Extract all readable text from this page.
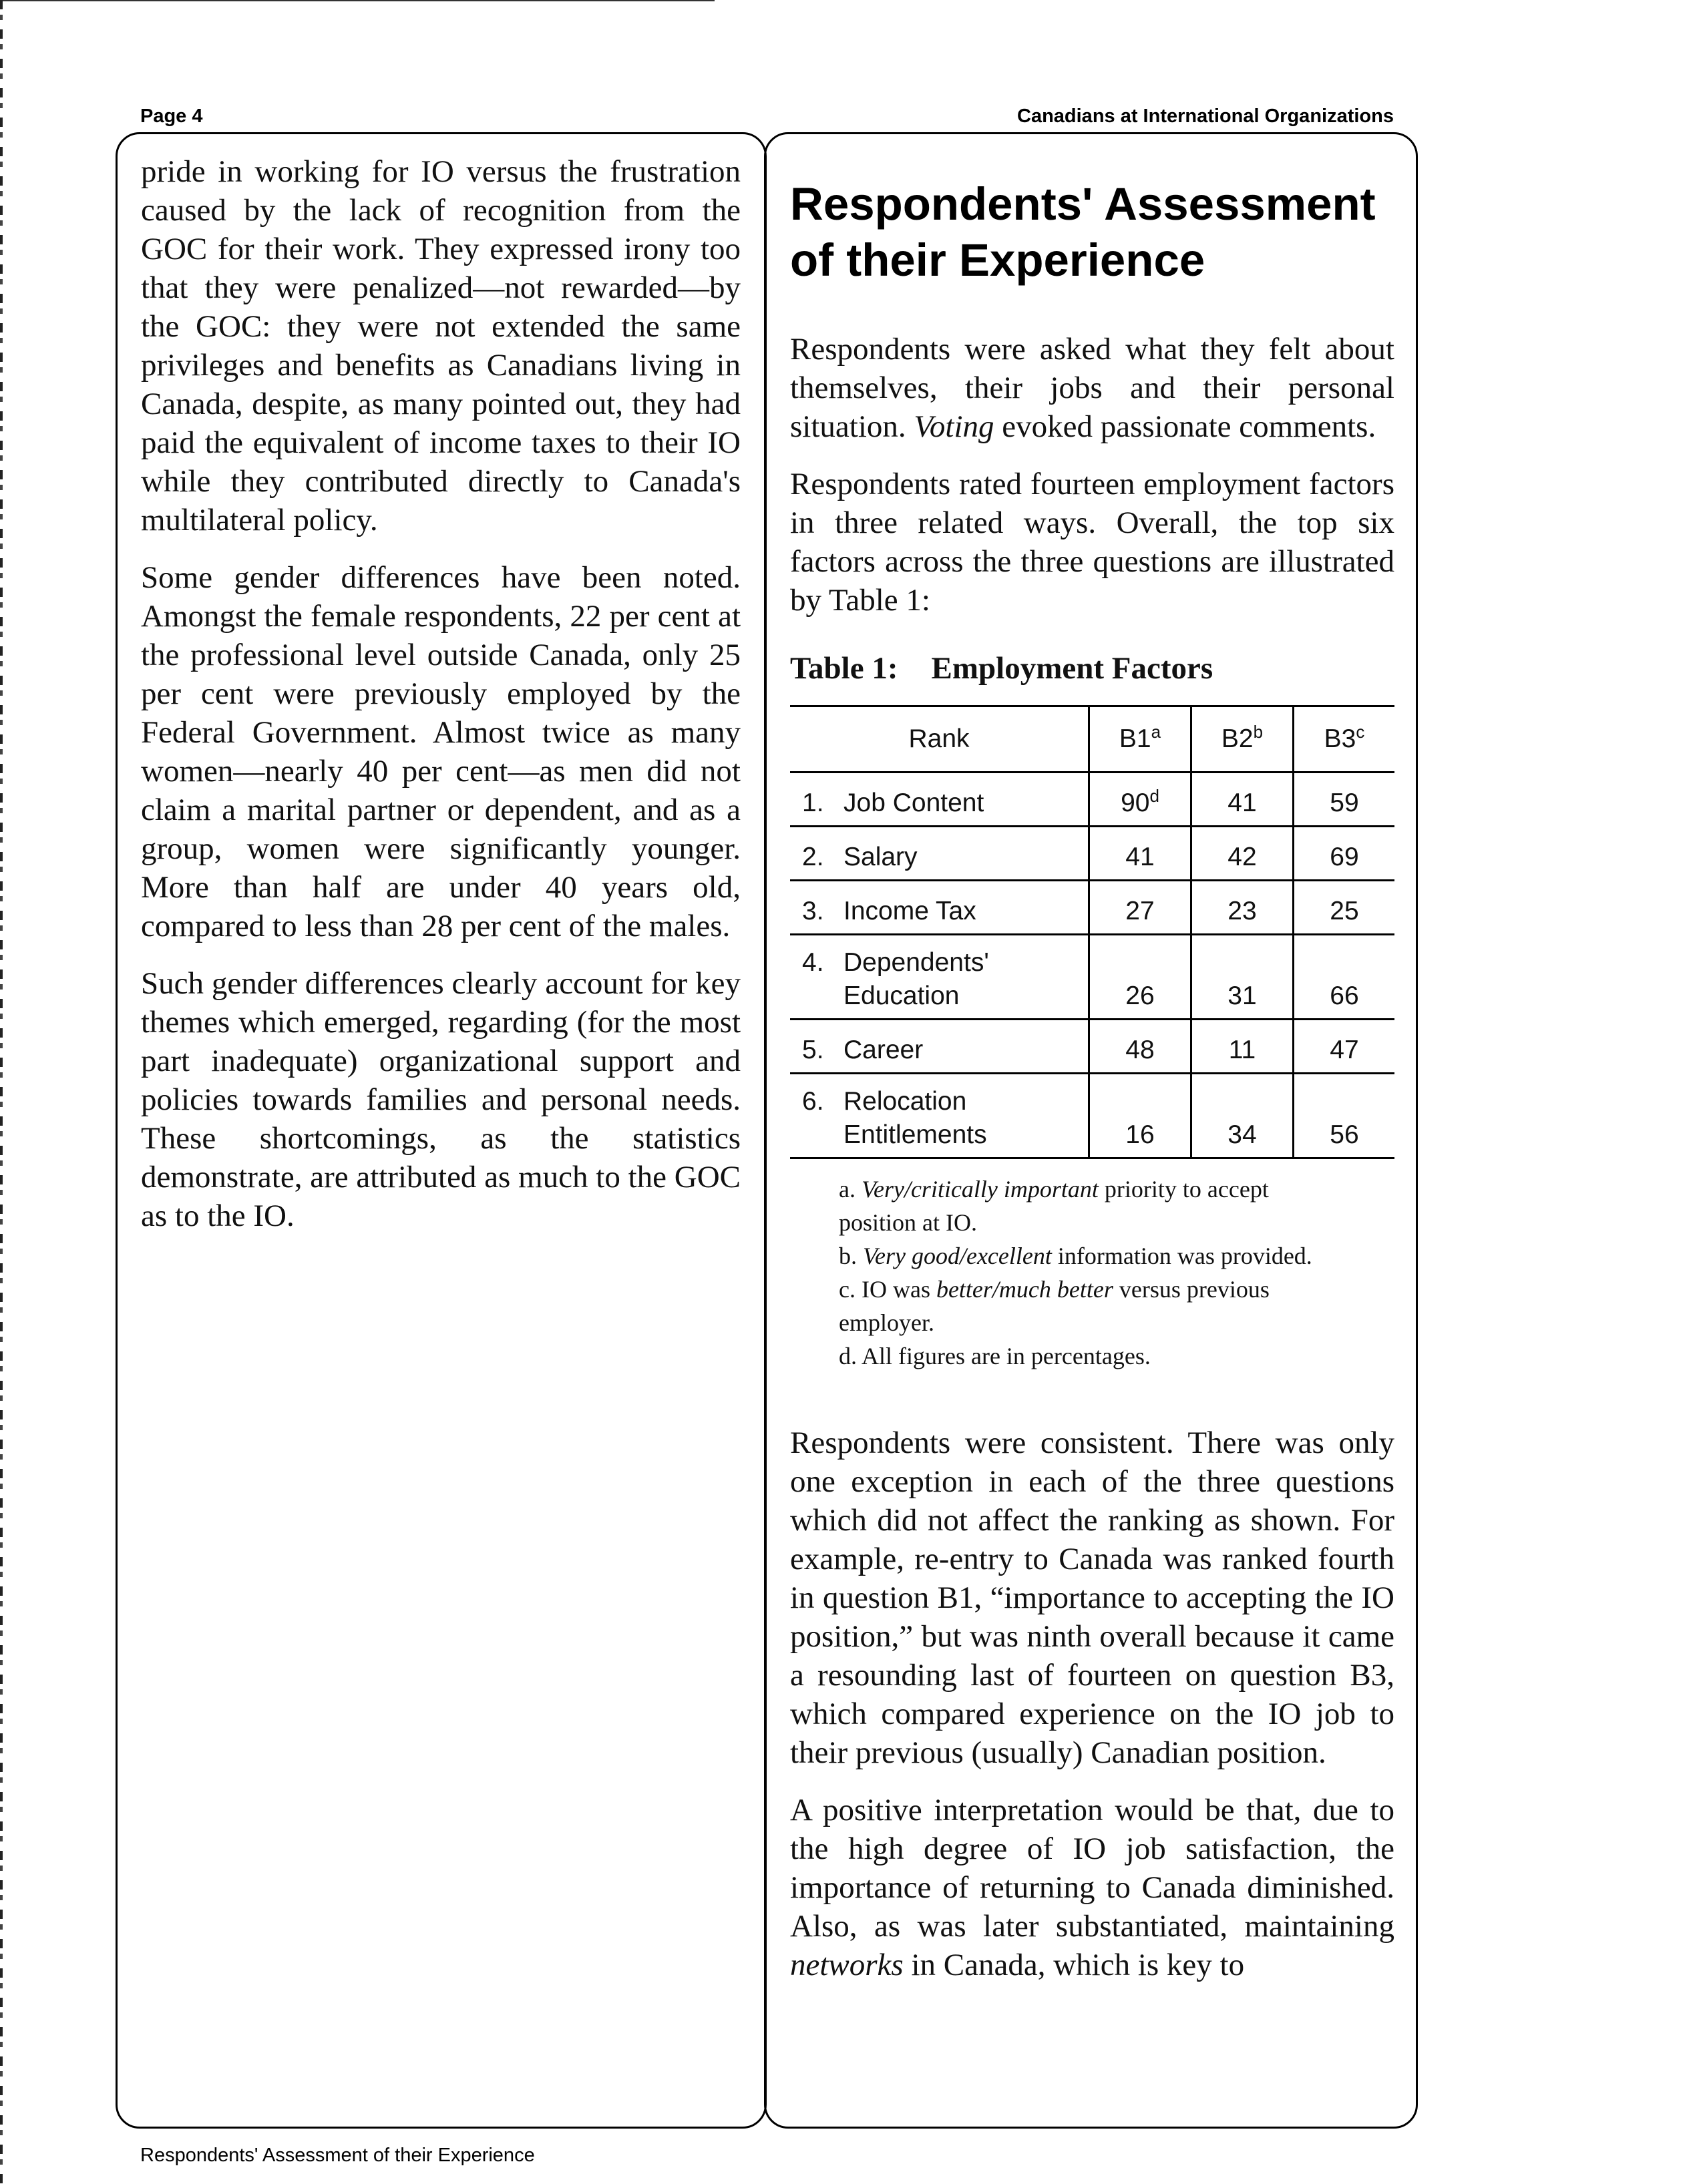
Page 4	Canadians at International Organizations

pride in working for IO versus the frustration caused by the lack of recognition from the GOC for their work. They expressed irony too that they were penalized—not rewarded—by the GOC: they were not extended the same privileges and benefits as Canadians living in Canada, despite, as many pointed out, they had paid the equivalent of income taxes to their IO while they contributed directly to Canada's multilateral policy.

Some gender differences have been noted. Amongst the female respondents, 22 per cent at the professional level outside Canada, only 25 per cent were previously employed by the Federal Government. Almost twice as many women—nearly 40 per cent—as men did not claim a marital partner or dependent, and as a group, women were significantly younger. More than half are under 40 years old, compared to less than 28 per cent of the males.

Such gender differences clearly account for key themes which emerged, regarding (for the most part inadequate) organizational support and policies towards families and personal needs. These shortcomings, as the statistics demonstrate, are attributed as much to the GOC as to the IO.

Respondents' Assessment of their Experience

Respondents were asked what they felt about themselves, their jobs and their personal situation. Voting evoked passionate comments.

Respondents rated fourteen employment factors in three related ways. Overall, the top six factors across the three questions are illustrated by Table 1:

Table 1: Employment Factors
Rank	B1$^a$	B2$^b$	B3$^c$
1. Job Content	90$^d$	41	59
2. Salary	41	42	69
3. Income Tax	27	23	25
4. Dependents'
Education	26	31	66
5. Career	48	11	47
6. Relocation
Entitlements	16	34	56
a. Very/critically important priority to accept position at IO.
b. Very good/excellent information was provided.
c. IO was better/much better versus previous employer.
d. All figures are in percentages.

Respondents were consistent. There was only one exception in each of the three questions which did not affect the ranking as shown. For example, re-entry to Canada was ranked fourth in question B1, “importance to accepting the IO position,” but was ninth overall because it came a resounding last of fourteen on question B3, which compared experience on the IO job to their previous (usually) Canadian position.

A positive interpretation would be that, due to the high degree of IO job satisfaction, the importance of returning to Canada diminished. Also, as was later substantiated, maintaining networks in Canada, which is key to

Respondents' Assessment of their Experience
